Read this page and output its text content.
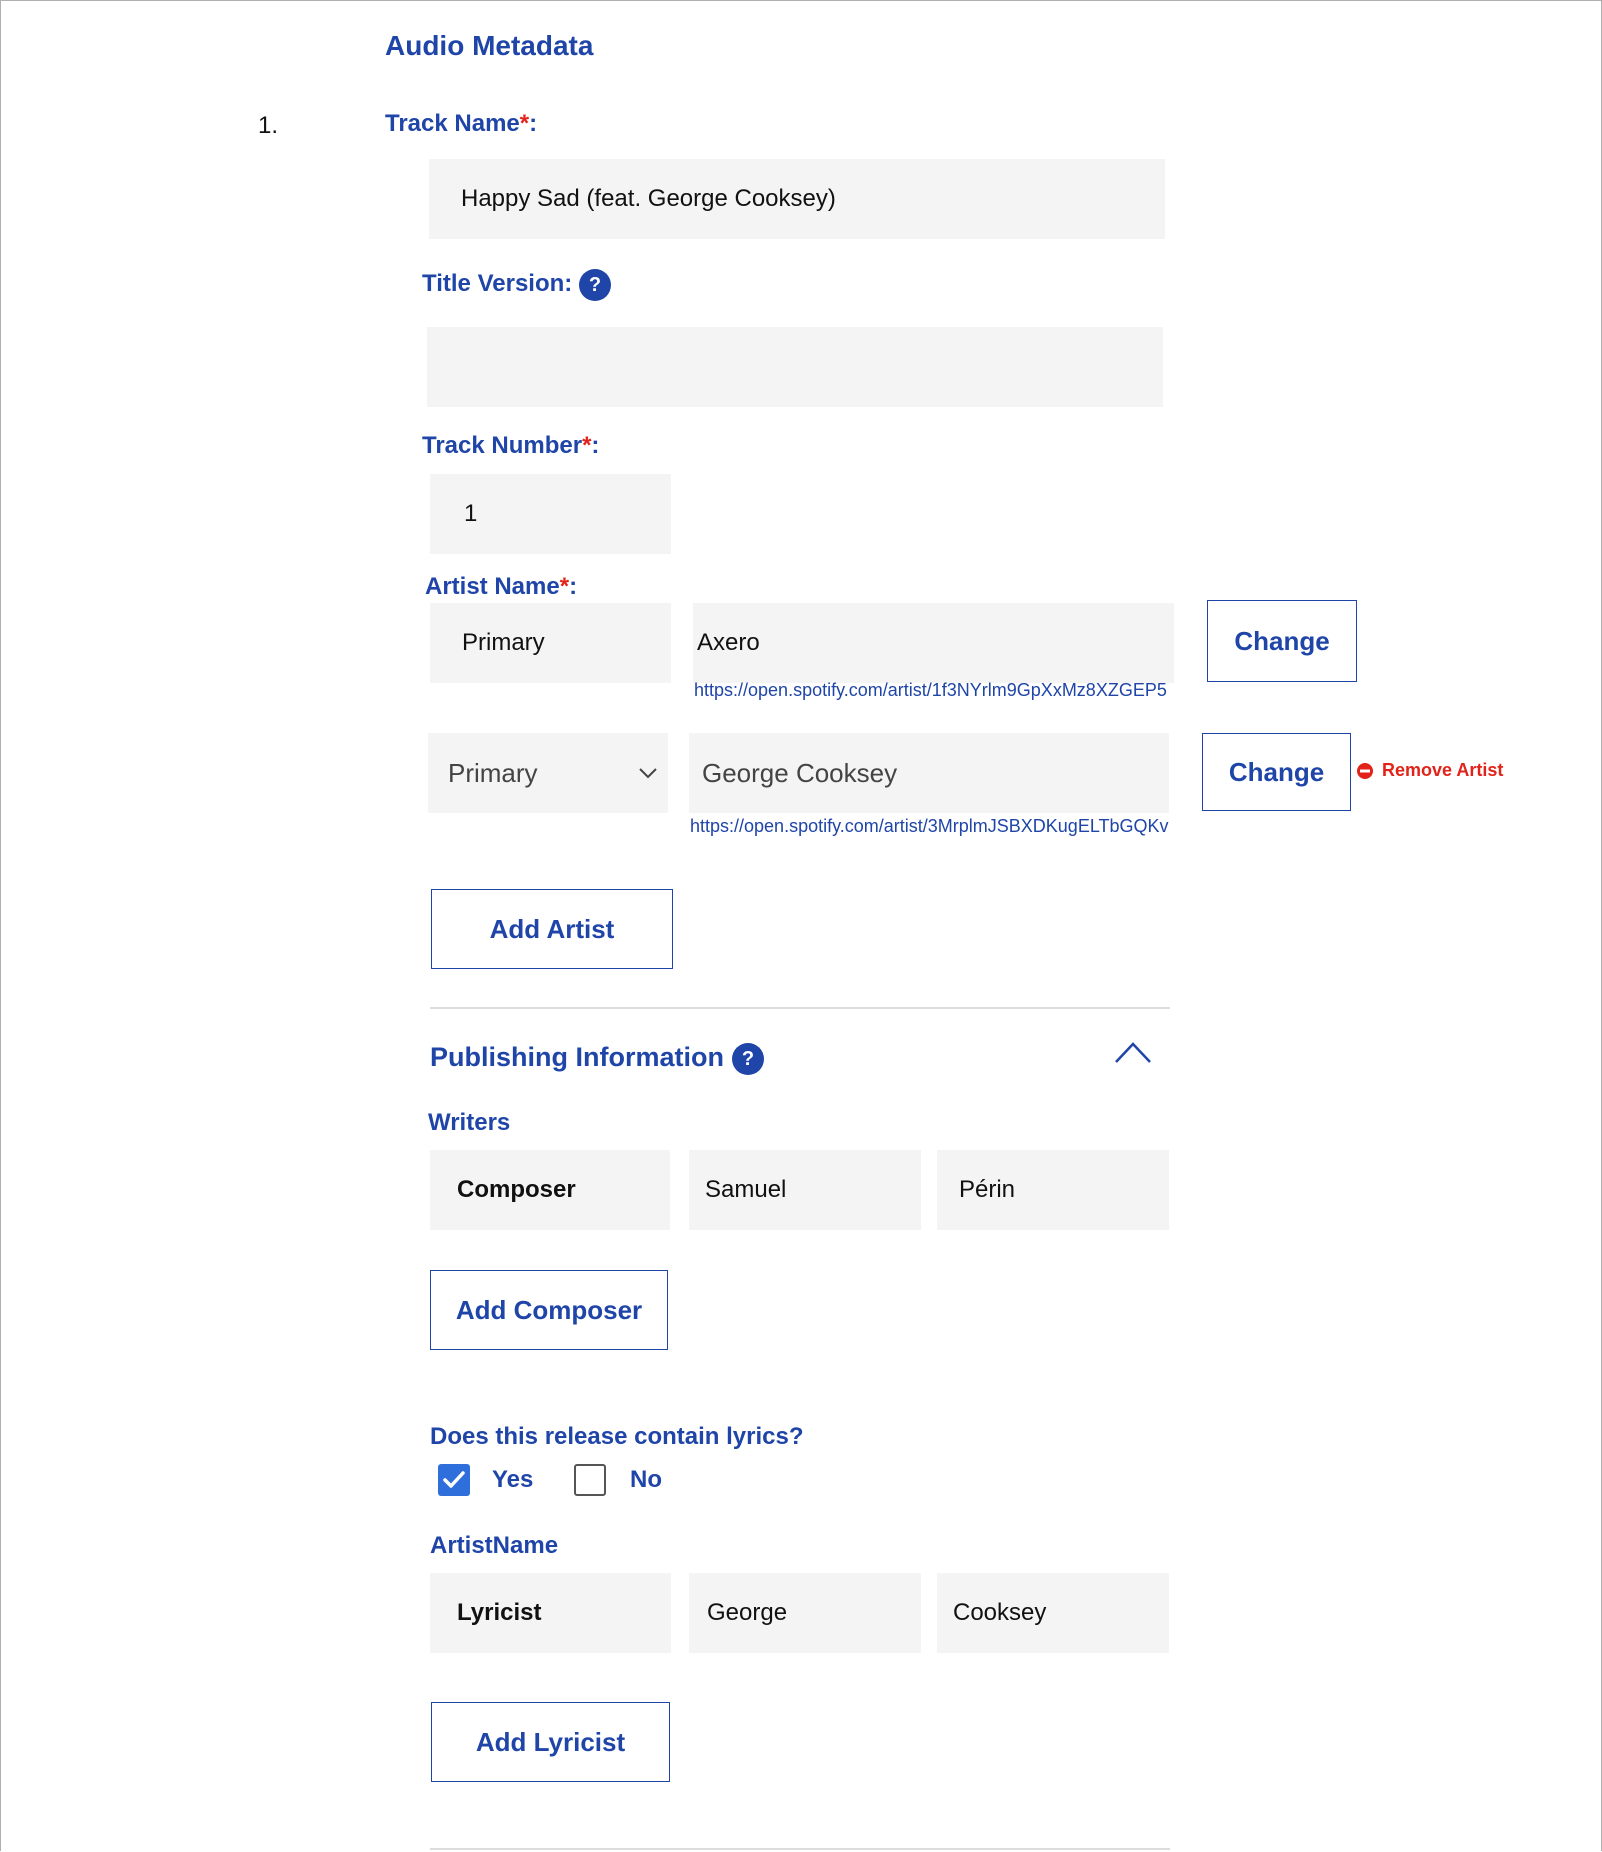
Audio Metadata
1.	Track Name*:
Happy Sad (feat. George Cooksey)
Title Version: ?
Track Number*:
1
Artist Name*:
Primary	Axero
https://open.spotify.com/artist/1f3NYrlm9GpXxMz8XZGEP5
Change
Primary	George Cooksey
https://open.spotify.com/artist/3MrplmJSBXDKugELTbGQKv
Change	Remove Artist
Add Artist
Publishing Information ?
Writers
Composer	Samuel	Périn
Add Composer
Does this release contain lyrics?
Yes	No
ArtistName
Lyricist	George	Cooksey
Add Lyricist
